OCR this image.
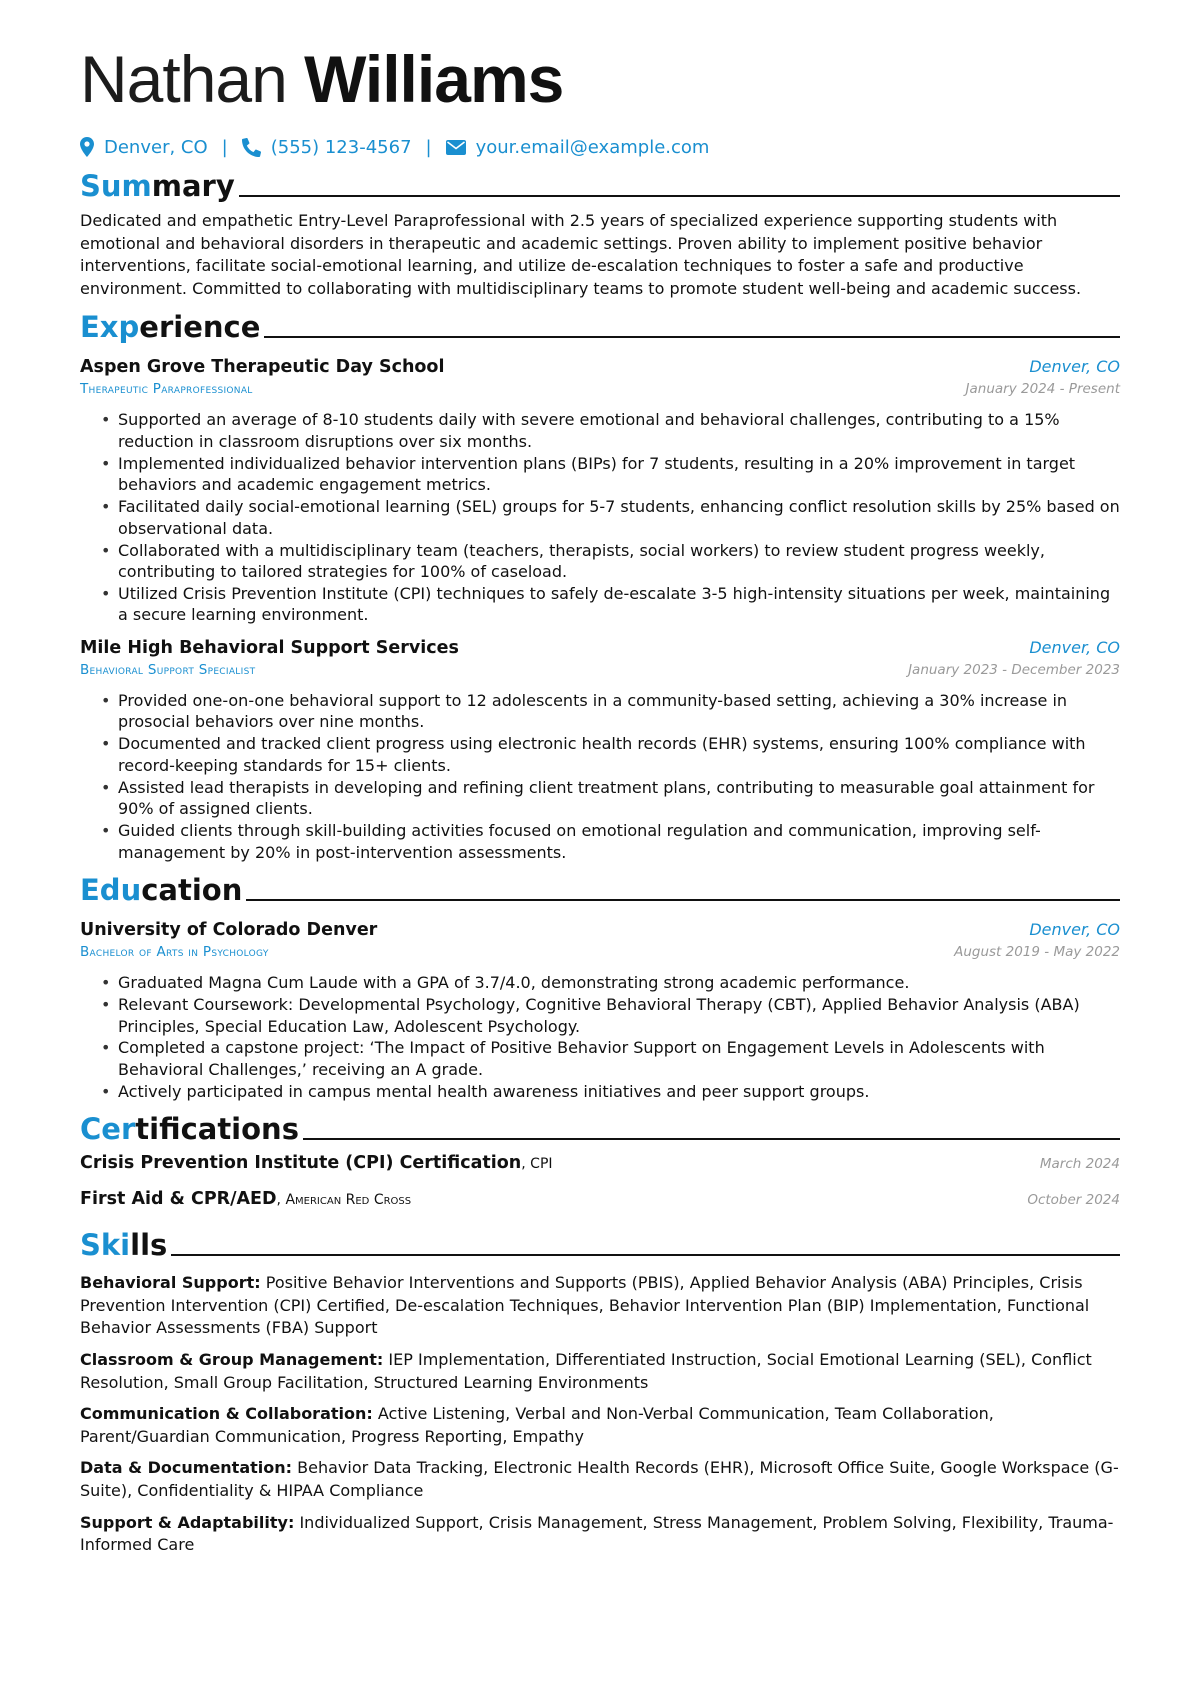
Nathan Williams
Denver, CO | (555) 123-4567 | your.email@example.com
Summary

Dedicated and empathetic Entry-Level Paraprofessional with 2.5 years of specialized experience supporting students with emotional and behavioral disorders in therapeutic and academic settings. Proven ability to implement positive behavior interventions, facilitate social-emotional learning, and utilize de-escalation techniques to foster a safe and productive environment. Committed to collaborating with multidisciplinary teams to promote student well-being and academic success.

Experience
Aspen Grove Therapeutic Day School	Denver, CO
Therapeutic Paraprofessional	January 2024 - Present
• Supported an average of 8-10 students daily with severe emotional and behavioral challenges, contributing to a 15% reduction in classroom disruptions over six months.
• Implemented individualized behavior intervention plans (BIPs) for 7 students, resulting in a 20% improvement in target behaviors and academic engagement metrics.
• Facilitated daily social-emotional learning (SEL) groups for 5-7 students, enhancing conflict resolution skills by 25% based on observational data.
• Collaborated with a multidisciplinary team (teachers, therapists, social workers) to review student progress weekly, contributing to tailored strategies for 100% of caseload.
• Utilized Crisis Prevention Institute (CPI) techniques to safely de-escalate 3-5 high-intensity situations per week, maintaining a secure learning environment.
Mile High Behavioral Support Services	Denver, CO
Behavioral Support Specialist	January 2023 - December 2023
• Provided one-on-one behavioral support to 12 adolescents in a community-based setting, achieving a 30% increase in prosocial behaviors over nine months.
• Documented and tracked client progress using electronic health records (EHR) systems, ensuring 100% compliance with record-keeping standards for 15+ clients.
• Assisted lead therapists in developing and refining client treatment plans, contributing to measurable goal attainment for 90% of assigned clients.
• Guided clients through skill-building activities focused on emotional regulation and communication, improving self-management by 20% in post-intervention assessments.
Education
University of Colorado Denver	Denver, CO
Bachelor of Arts in Psychology	August 2019 - May 2022
• Graduated Magna Cum Laude with a GPA of 3.7/4.0, demonstrating strong academic performance.
• Relevant Coursework: Developmental Psychology, Cognitive Behavioral Therapy (CBT), Applied Behavior Analysis (ABA) Principles, Special Education Law, Adolescent Psychology.
• Completed a capstone project: ‘The Impact of Positive Behavior Support on Engagement Levels in Adolescents with Behavioral Challenges,’ receiving an A grade.
• Actively participated in campus mental health awareness initiatives and peer support groups.
Certifications
Crisis Prevention Institute (CPI) Certification, CPI	March 2024
First Aid & CPR/AED, American Red Cross	October 2024
Skills

Behavioral Support: Positive Behavior Interventions and Supports (PBIS), Applied Behavior Analysis (ABA) Principles, Crisis Prevention Intervention (CPI) Certified, De-escalation Techniques, Behavior Intervention Plan (BIP) Implementation, Functional Behavior Assessments (FBA) Support

Classroom & Group Management: IEP Implementation, Differentiated Instruction, Social Emotional Learning (SEL), Conflict Resolution, Small Group Facilitation, Structured Learning Environments

Communication & Collaboration: Active Listening, Verbal and Non-Verbal Communication, Team Collaboration, Parent/Guardian Communication, Progress Reporting, Empathy

Data & Documentation: Behavior Data Tracking, Electronic Health Records (EHR), Microsoft Office Suite, Google Workspace (G-Suite), Confidentiality & HIPAA Compliance

Support & Adaptability: Individualized Support, Crisis Management, Stress Management, Problem Solving, Flexibility, Trauma-Informed Care
